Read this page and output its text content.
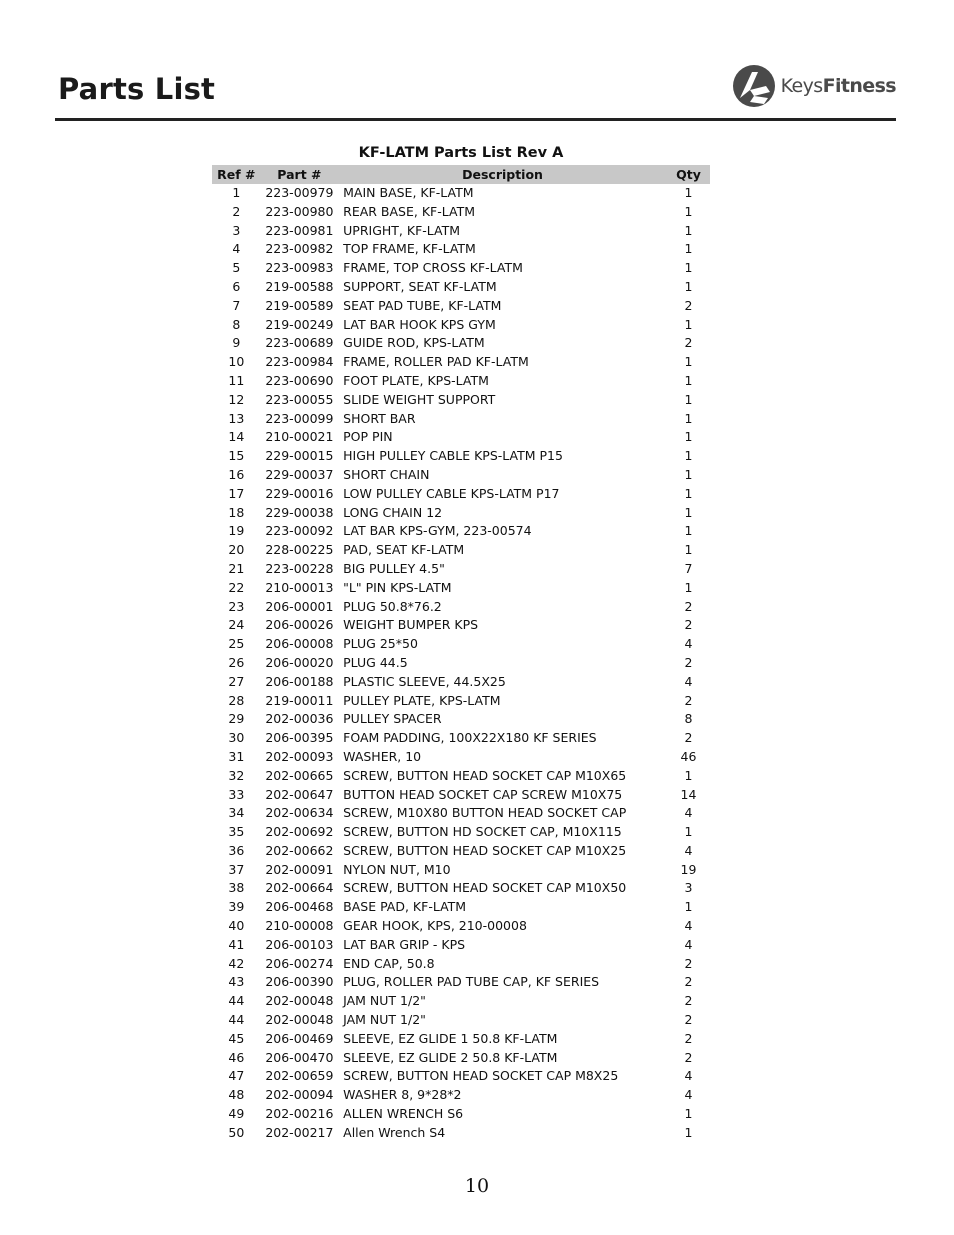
Parts List	KeysFitness
KF-LATM Parts List Rev A
Ref #	Part #	Description	Qty
1	223-00979	MAIN BASE, KF-LATM	1
2	223-00980	REAR BASE, KF-LATM	1
3	223-00981	UPRIGHT, KF-LATM	1
4	223-00982	TOP FRAME, KF-LATM	1
5	223-00983	FRAME, TOP CROSS KF-LATM	1
6	219-00588	SUPPORT, SEAT KF-LATM	1
7	219-00589	SEAT PAD TUBE, KF-LATM	2
8	219-00249	LAT BAR HOOK KPS GYM	1
9	223-00689	GUIDE ROD, KPS-LATM	2
10	223-00984	FRAME, ROLLER PAD KF-LATM	1
11	223-00690	FOOT PLATE, KPS-LATM	1
12	223-00055	SLIDE WEIGHT SUPPORT	1
13	223-00099	SHORT BAR	1
14	210-00021	POP PIN	1
15	229-00015	HIGH PULLEY CABLE KPS-LATM P15	1
16	229-00037	SHORT CHAIN	1
17	229-00016	LOW PULLEY CABLE KPS-LATM P17	1
18	229-00038	LONG CHAIN 12	1
19	223-00092	LAT BAR KPS-GYM, 223-00574	1
20	228-00225	PAD, SEAT KF-LATM	1
21	223-00228	BIG PULLEY 4.5"	7
22	210-00013	"L" PIN KPS-LATM	1
23	206-00001	PLUG 50.8*76.2	2
24	206-00026	WEIGHT BUMPER KPS	2
25	206-00008	PLUG 25*50	4
26	206-00020	PLUG 44.5	2
27	206-00188	PLASTIC SLEEVE, 44.5X25	4
28	219-00011	PULLEY PLATE, KPS-LATM	2
29	202-00036	PULLEY SPACER	8
30	206-00395	FOAM PADDING, 100X22X180 KF SERIES	2
31	202-00093	WASHER, 10	46
32	202-00665	SCREW, BUTTON HEAD SOCKET CAP M10X65	1
33	202-00647	BUTTON HEAD SOCKET CAP SCREW M10X75	14
34	202-00634	SCREW, M10X80 BUTTON HEAD SOCKET CAP	4
35	202-00692	SCREW, BUTTON HD SOCKET CAP, M10X115	1
36	202-00662	SCREW, BUTTON HEAD SOCKET CAP M10X25	4
37	202-00091	NYLON NUT, M10	19
38	202-00664	SCREW, BUTTON HEAD SOCKET CAP M10X50	3
39	206-00468	BASE PAD, KF-LATM	1
40	210-00008	GEAR HOOK, KPS, 210-00008	4
41	206-00103	LAT BAR GRIP - KPS	4
42	206-00274	END CAP, 50.8	2
43	206-00390	PLUG, ROLLER PAD TUBE CAP, KF SERIES	2
44	202-00048	JAM NUT 1/2"	2
44	202-00048	JAM NUT 1/2"	2
45	206-00469	SLEEVE, EZ GLIDE 1 50.8 KF-LATM	2
46	206-00470	SLEEVE, EZ GLIDE 2 50.8 KF-LATM	2
47	202-00659	SCREW, BUTTON HEAD SOCKET CAP M8X25	4
48	202-00094	WASHER 8, 9*28*2	4
49	202-00216	ALLEN WRENCH S6	1
50	202-00217	Allen Wrench S4	1
10
